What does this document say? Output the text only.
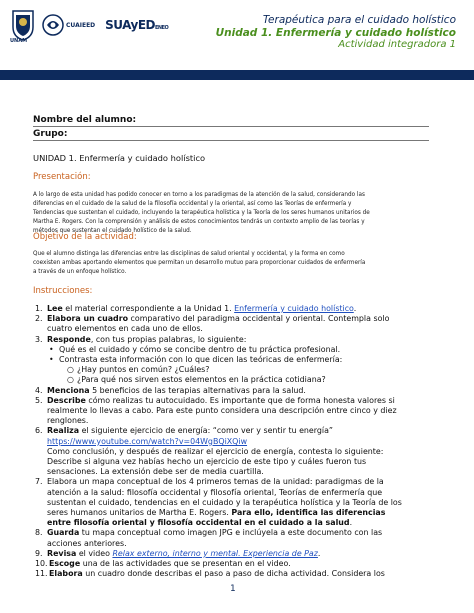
CUAIEED SUAyEDENEO
UNAM
Terapéutica para el cuidado holístico
Unidad 1. Enfermería y cuidado holístico
Actividad integradora 1
Nombre del alumno:
Grupo:
UNIDAD 1. Enfermería y cuidado holístico
Presentación:
A lo largo de esta unidad has podido conocer en torno a los paradigmas de la atención de la salud, considerando las
diferencias en el cuidado de la salud de la filosofía occidental y la oriental, así como las Teorías de enfermería y
Tendencias que sustentan el cuidado, incluyendo la terapéutica holística y la Teoría de los seres humanos unitarios de
Martha E. Rogers. Con la comprensión y análisis de estos conocimientos tendrás un contexto amplio de las teorías y
métodos que sustentan el cuidado holístico de la salud.
Objetivo de la actividad:
Que el alumno distinga las diferencias entre las disciplinas de salud oriental y occidental, y la forma en como
coexisten ambas aportando elementos que permitan un desarrollo mutuo para proporcionar cuidados de enfermería
a través de un enfoque holístico.
Instrucciones:
1. Lee el material correspondiente a la Unidad 1. Enfermería y cuidado holístico.
2. Elabora un cuadro comparativo del paradigma occidental y oriental. Contempla solo
cuatro elementos en cada uno de ellos.
3. Responde, con tus propias palabras, lo siguiente:
• Qué es el cuidado y cómo se concibe dentro de tu práctica profesional.
• Contrasta esta información con lo que dicen las teóricas de enfermería:
○ ¿Hay puntos en común? ¿Cuáles?
○ ¿Para qué nos sirven estos elementos en la práctica cotidiana?
4. Menciona 5 beneficios de las terapias alternativas para la salud.
5. Describe cómo realizas tu autocuidado. Es importante que de forma honesta valores si
realmente lo llevas a cabo. Para este punto considera una descripción entre cinco y diez
renglones.
6. Realiza el siguiente ejercicio de energía: “como ver y sentir tu energía”
https://www.youtube.com/watch?v=04WgBQiXQiw
Como conclusión, y después de realizar el ejercicio de energía, contesta lo siguiente:
Describe si alguna vez habías hecho un ejercicio de este tipo y cuáles fueron tus
sensaciones. La extensión debe ser de media cuartilla.
7. Elabora un mapa conceptual de los 4 primeros temas de la unidad: paradigmas de la
atención a la salud: filosofía occidental y filosofía oriental, Teorías de enfermería que
sustentan el cuidado, tendencias en el cuidado y la terapéutica holística y la Teoría de los
seres humanos unitarios de Martha E. Rogers. Para ello, identifica las diferencias
entre filosofía oriental y filosofía occidental en el cuidado a la salud.
8. Guarda tu mapa conceptual como imagen JPG e inclúyela a este documento con las
acciones anteriores.
9. Revisa el video Relax externo, interno y mental. Experiencia de Paz.
10. Escoge una de las actividades que se presentan en el video.
11. Elabora un cuadro donde describas el paso a paso de dicha actividad. Considera los
1
